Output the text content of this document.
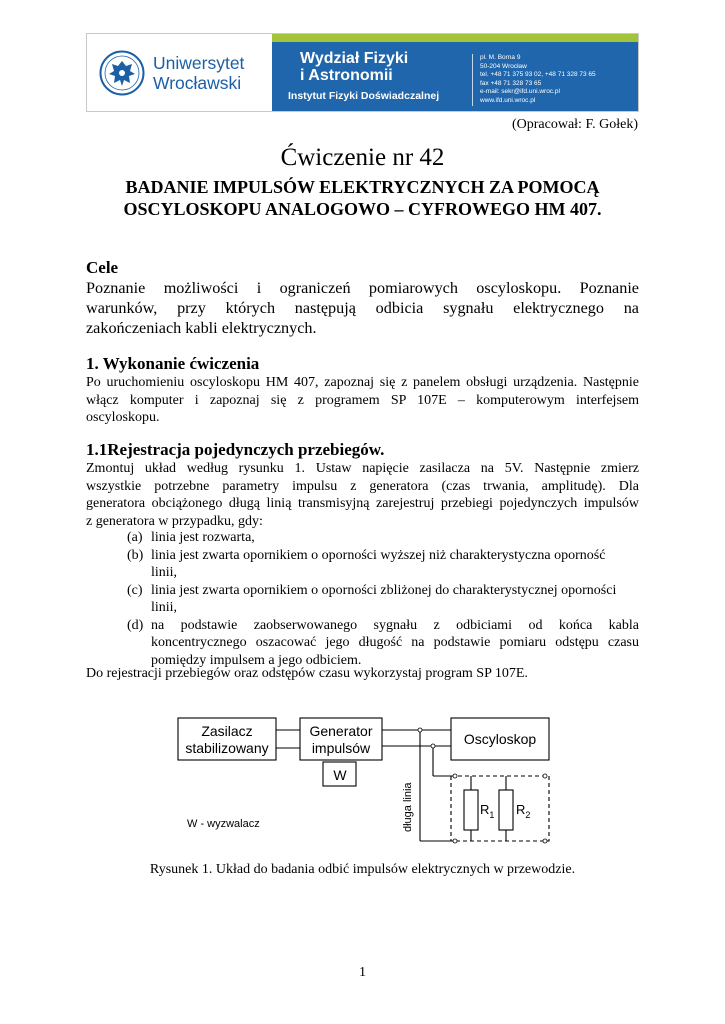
Uniwersytet
Wrocławski
Wydział Fizyki
i Astronomii
Instytut Fizyki Doświadczalnej
pl. M. Borna 9
50-204 Wrocław
tel. +48 71 375 93 02, +48 71 328 73 65
fax +48 71 328 73 65
e-mail: sekr@ifd.uni.wroc.pl
www.ifd.uni.wroc.pl
(Opracował: F. Gołek)
Ćwiczenie nr 42
BADANIE IMPULSÓW ELEKTRYCZNYCH ZA POMOCĄ
OSCYLOSKOPU ANALOGOWO – CYFROWEGO HM 407.
Cele
Poznanie możliwości i ograniczeń pomiarowych oscyloskopu. Poznanie
warunków, przy których następują odbicia sygnału elektrycznego na
zakończeniach kabli elektrycznych.
1. Wykonanie ćwiczenia
Po uruchomieniu oscyloskopu HM 407, zapoznaj się z panelem obsługi urządzenia. Następnie
włącz komputer i zapoznaj się z programem SP 107E – komputerowym interfejsem
oscyloskopu.
1.1Rejestracja pojedynczych przebiegów.
Zmontuj układ według rysunku 1. Ustaw napięcie zasilacza na 5V. Następnie zmierz
wszystkie potrzebne parametry impulsu z generatora (czas trwania, amplitudę). Dla
generatora obciążonego długą linią transmisyjną zarejestruj przebiegi pojedynczych impulsów
z generatora w przypadku, gdy:
(a) linia jest rozwarta,
(b) linia jest zwarta opornikiem o oporności wyższej niż charakterystyczna oporność
linii,
(c) linia jest zwarta opornikiem o oporności zbliżonej do charakterystycznej oporności
linii,
(d) na podstawie zaobserwowanego sygnału z odbiciami od końca kabla
koncentrycznego oszacować jego długość na podstawie pomiaru odstępu czasu
pomiędzy impulsem a jego odbiciem.
Do rejestracji przebiegów oraz odstępów czasu wykorzystaj program SP 107E.
Zasilacz
stabilizowany
Generator
impulsów
W
Oscyloskop
$R_1$ $R_2$
długa linia
W - wyzwalacz
Rysunek 1. Układ do badania odbić impulsów elektrycznych w przewodzie.
1
